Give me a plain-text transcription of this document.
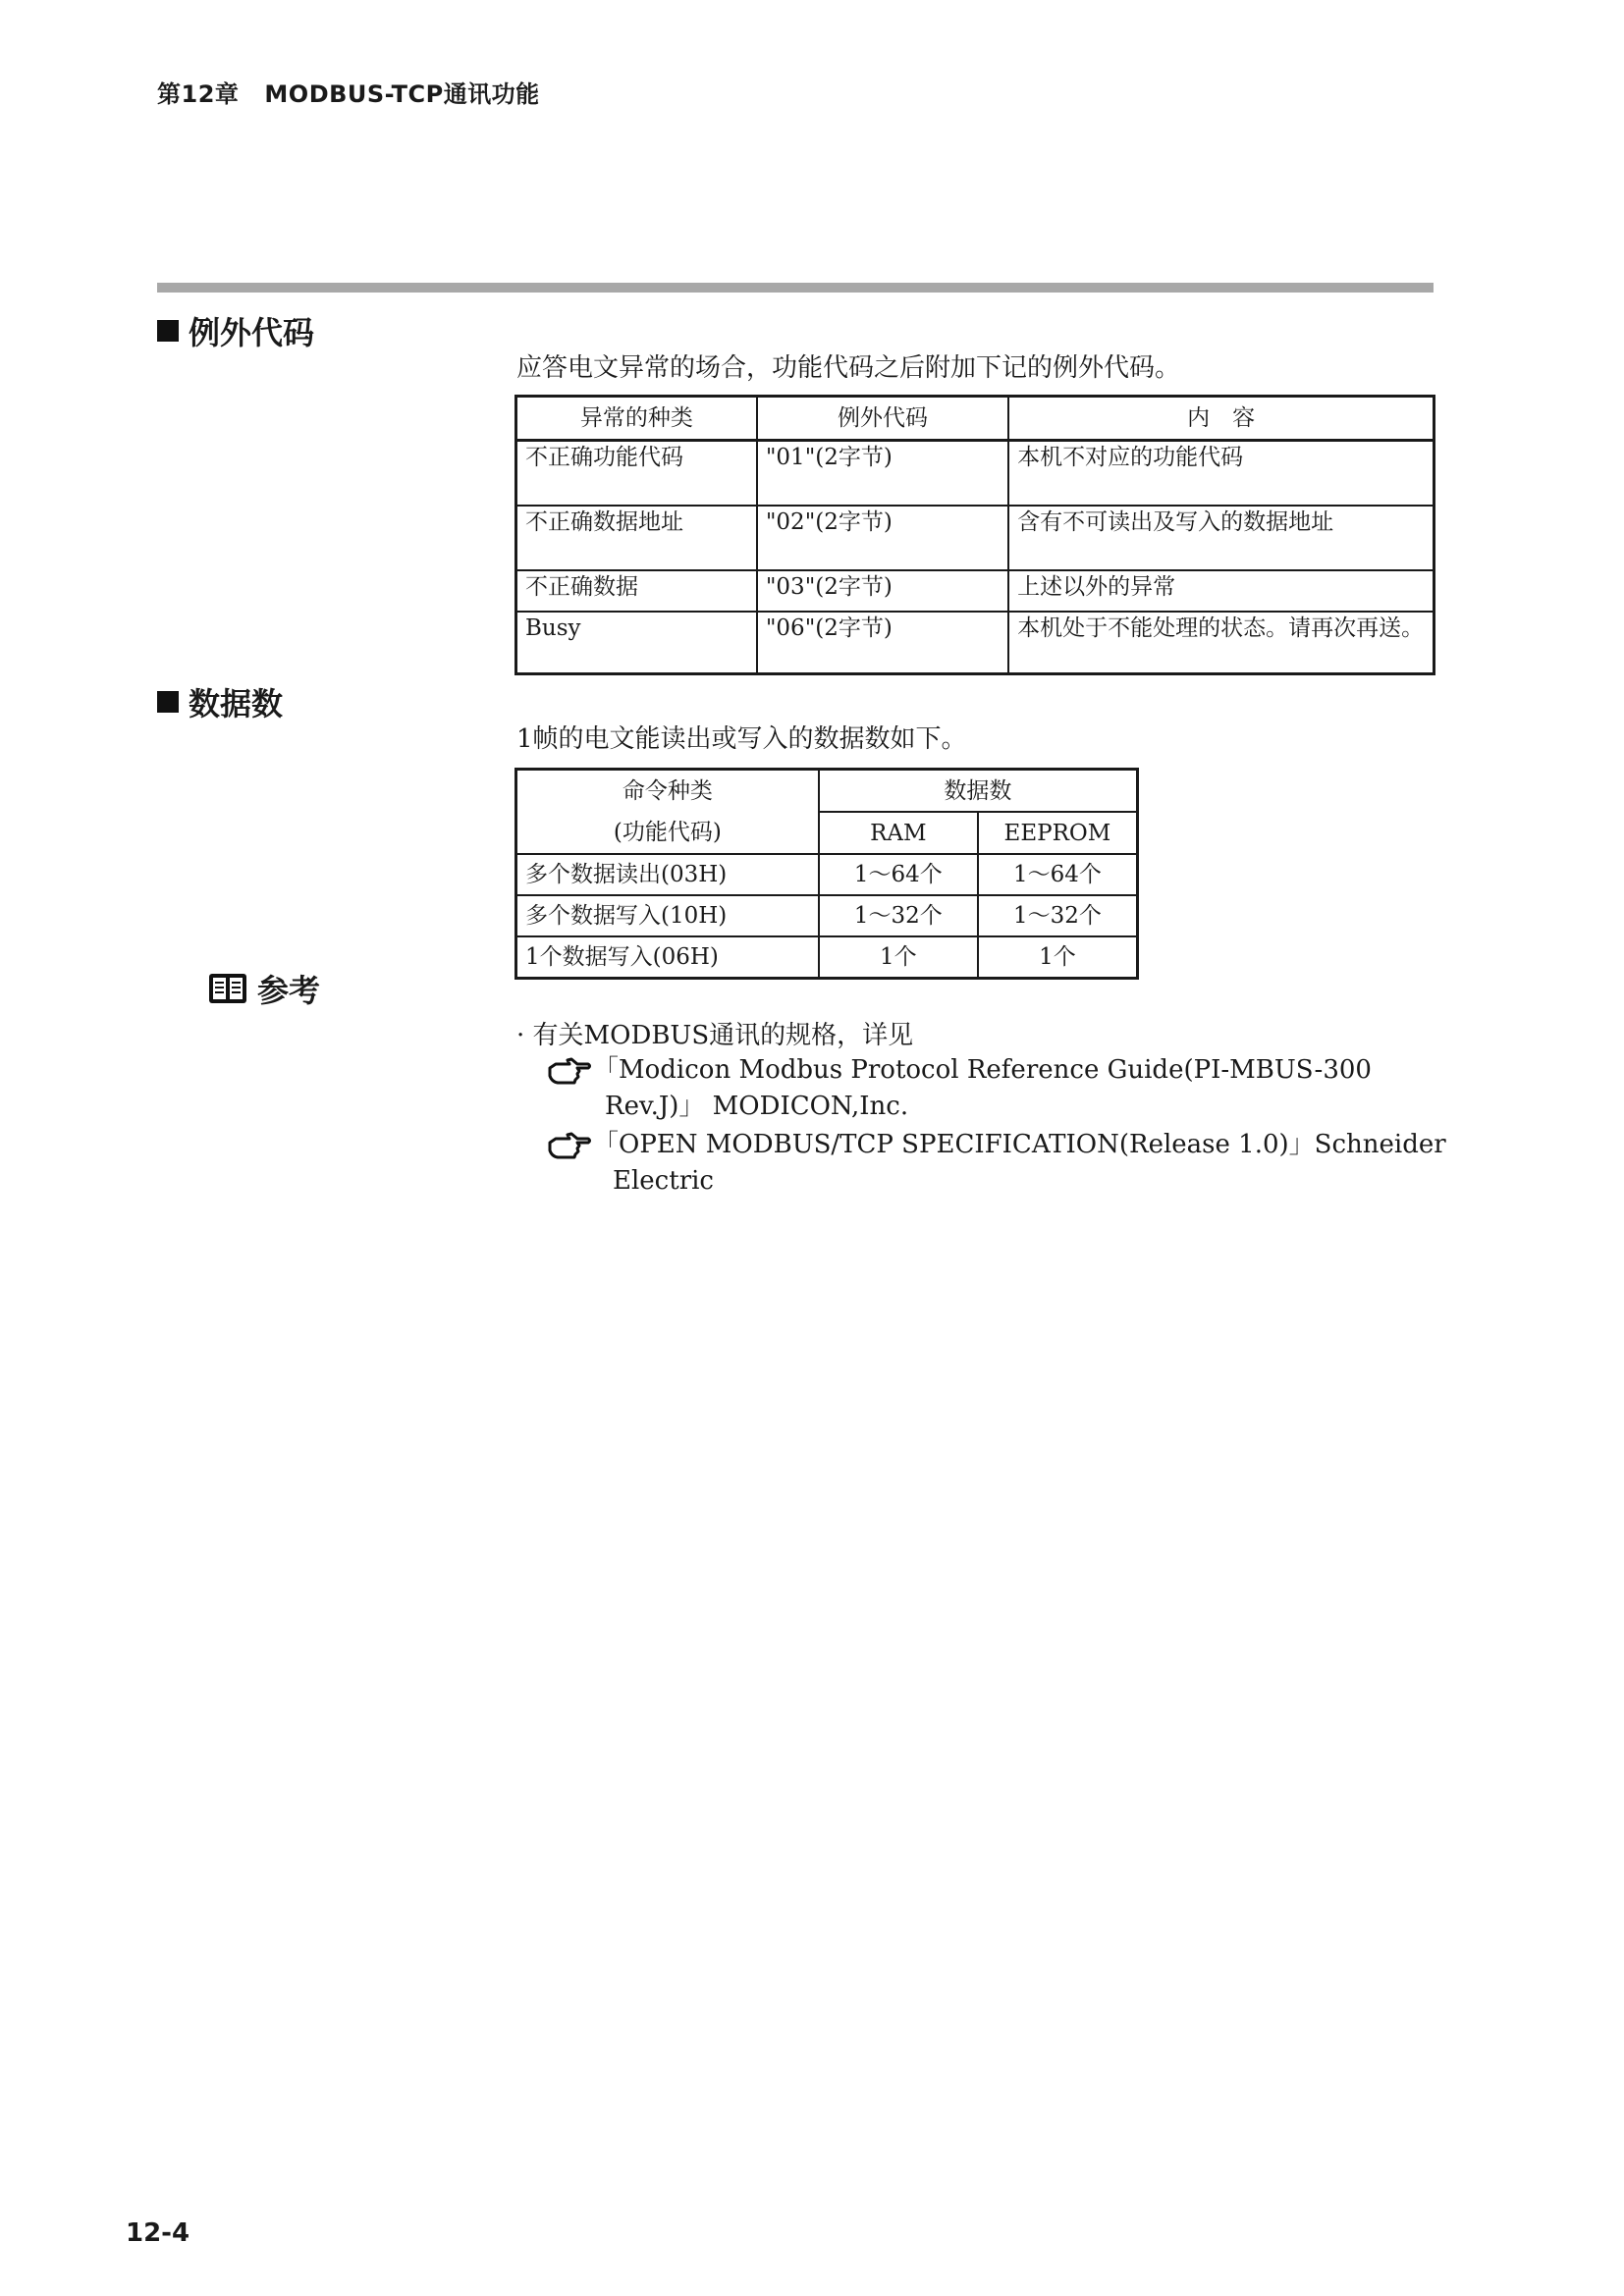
第12章 MODBUS-TCP通讯功能
例外代码
应答电文异常的场合，功能代码之后附加下记的例外代码。
异常的种类	例外代码	内　容
不正确功能代码	"01"(2字节)	本机不对应的功能代码
不正确数据地址	"02"(2字节)	含有不可读出及写入的数据地址
不正确数据	"03"(2字节)	上述以外的异常
Busy	"06"(2字节)	本机处于不能处理的状态。请再次再送。
数据数
1帧的电文能读出或写入的数据数如下。
命令种类
(功能代码)	数据数	
	RAM	EEPROM
多个数据读出(03H)	1～64个	1～64个
多个数据写入(10H)	1～32个	1～32个
1个数据写入(06H)	1个	1个
参考
· 有关MODBUS通讯的规格，详见
「Modicon Modbus Protocol Reference Guide(PI-MBUS-300
Rev.J)」 MODICON,Inc.
「OPEN MODBUS/TCP SPECIFICATION(Release 1.0)」Schneider
Electric
12-4
